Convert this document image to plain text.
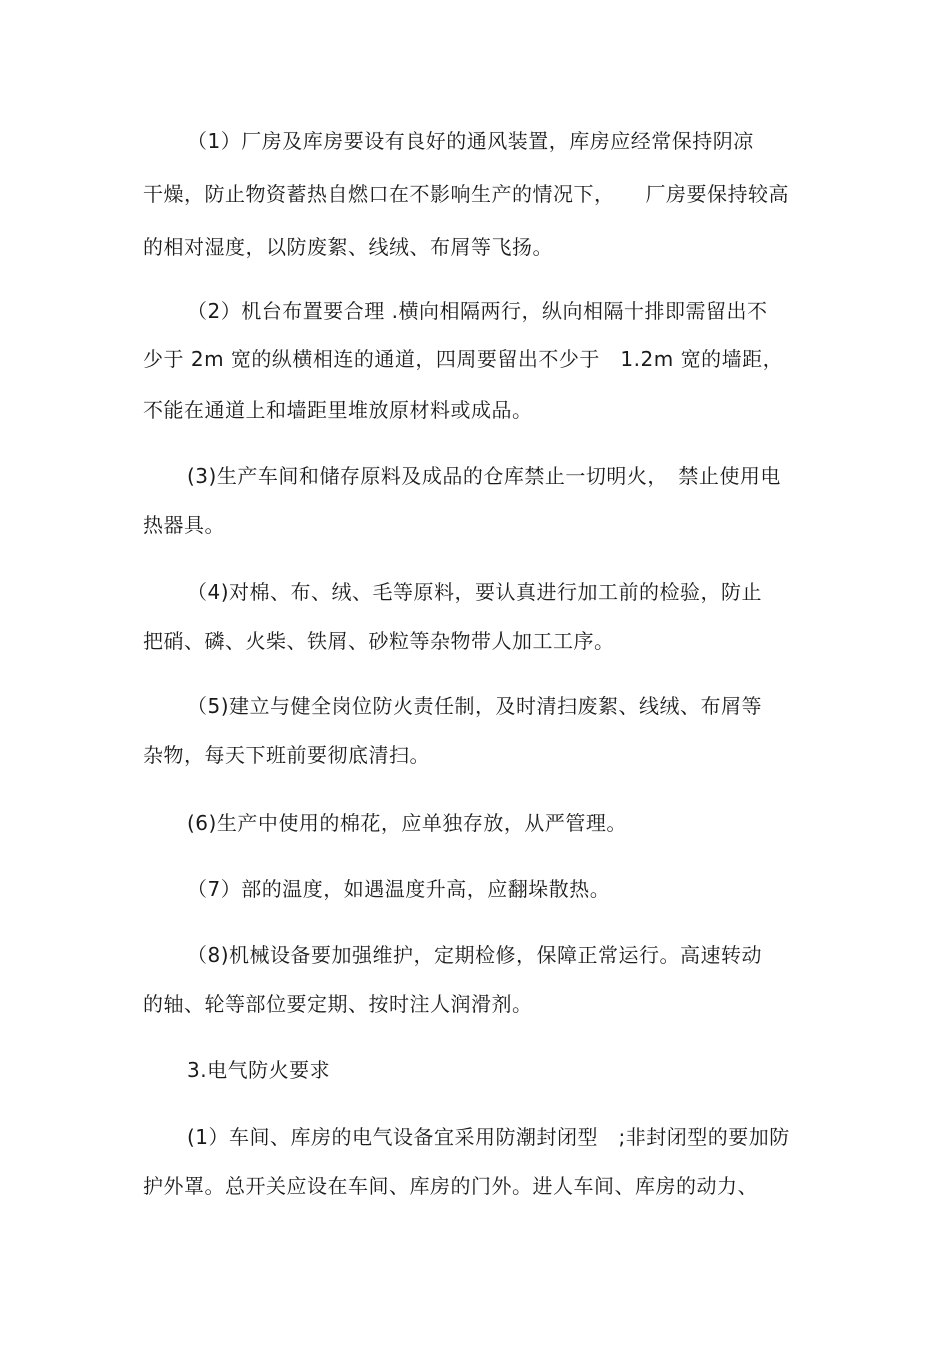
（1）厂房及库房要设有良好的通风装置，库房应经常保持阴凉
干燥，防止物资蓄热自燃口在不影响生产的情况下，　　厂房要保持较高
的相对湿度，以防废絮、线绒、布屑等飞扬。
（2）机台布置要合理 .横向相隔两行，纵向相隔十排即需留出不
少于 2m 宽的纵横相连的通道，四周要留出不少于　1.2m 宽的墙距，
不能在通道上和墙距里堆放原材料或成品。
(3)生产车间和储存原料及成品的仓库禁止一切明火，　禁止使用电
热器具。
（4)对棉、布、绒、毛等原料，要认真进行加工前的检验，防止
把硝、磷、火柴、铁屑、砂粒等杂物带人加工工序。
（5)建立与健全岗位防火责任制，及时清扫废絮、线绒、布屑等
杂物，每天下班前要彻底清扫。
(6)生产中使用的棉花，应单独存放，从严管理。
（7）部的温度，如遇温度升高，应翻垛散热。
（8)机械设备要加强维护，定期检修，保障正常运行。高速转动
的轴、轮等部位要定期、按时注人润滑剂。
3.电气防火要求
(1）车间、库房的电气设备宜采用防潮封闭型　;非封闭型的要加防
护外罩。总开关应设在车间、库房的门外。进人车间、库房的动力、
